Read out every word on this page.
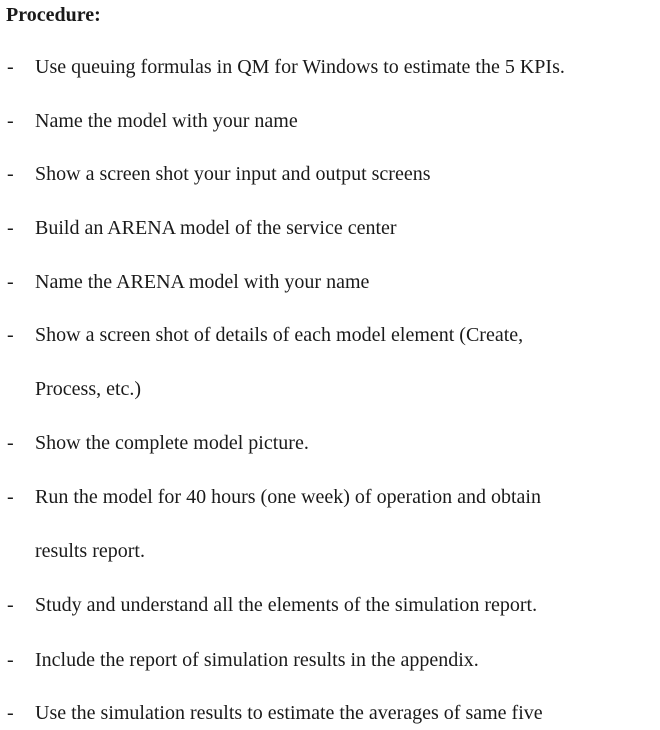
Procedure:
- Use queuing formulas in QM for Windows to estimate the 5 KPIs.
- Name the model with your name
- Show a screen shot your input and output screens
- Build an ARENA model of the service center
- Name the ARENA model with your name
- Show a screen shot of details of each model element (Create,
Process, etc.)
- Show the complete model picture.
- Run the model for 40 hours (one week) of operation and obtain
results report.
- Study and understand all the elements of the simulation report.
- Include the report of simulation results in the appendix.
- Use the simulation results to estimate the averages of same five
